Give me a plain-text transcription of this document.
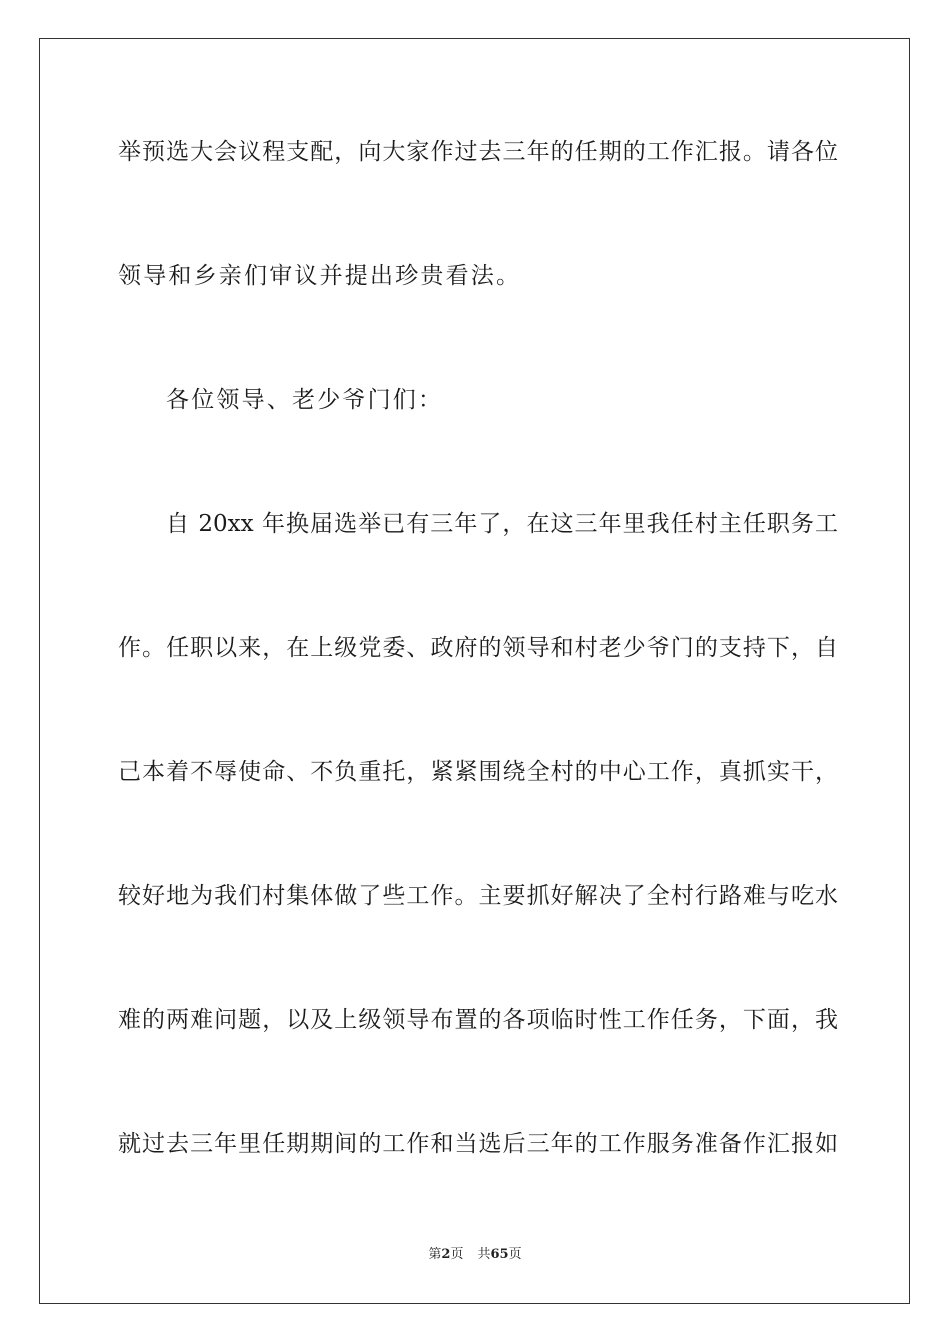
举预选大会议程支配，向大家作过去三年的任期的工作汇报。请各位
领导和乡亲们审议并提出珍贵看法。
各位领导、老少爷门们：
自 20xx 年换届选举已有三年了，在这三年里我任村主任职务工
作。任职以来，在上级党委、政府的领导和村老少爷门的支持下，自
己本着不辱使命、不负重托，紧紧围绕全村的中心工作，真抓实干，
较好地为我们村集体做了些工作。主要抓好解决了全村行路难与吃水
难的两难问题，以及上级领导布置的各项临时性工作任务，下面，我
就过去三年里任期期间的工作和当选后三年的工作服务准备作汇报如
第2页 共65页
